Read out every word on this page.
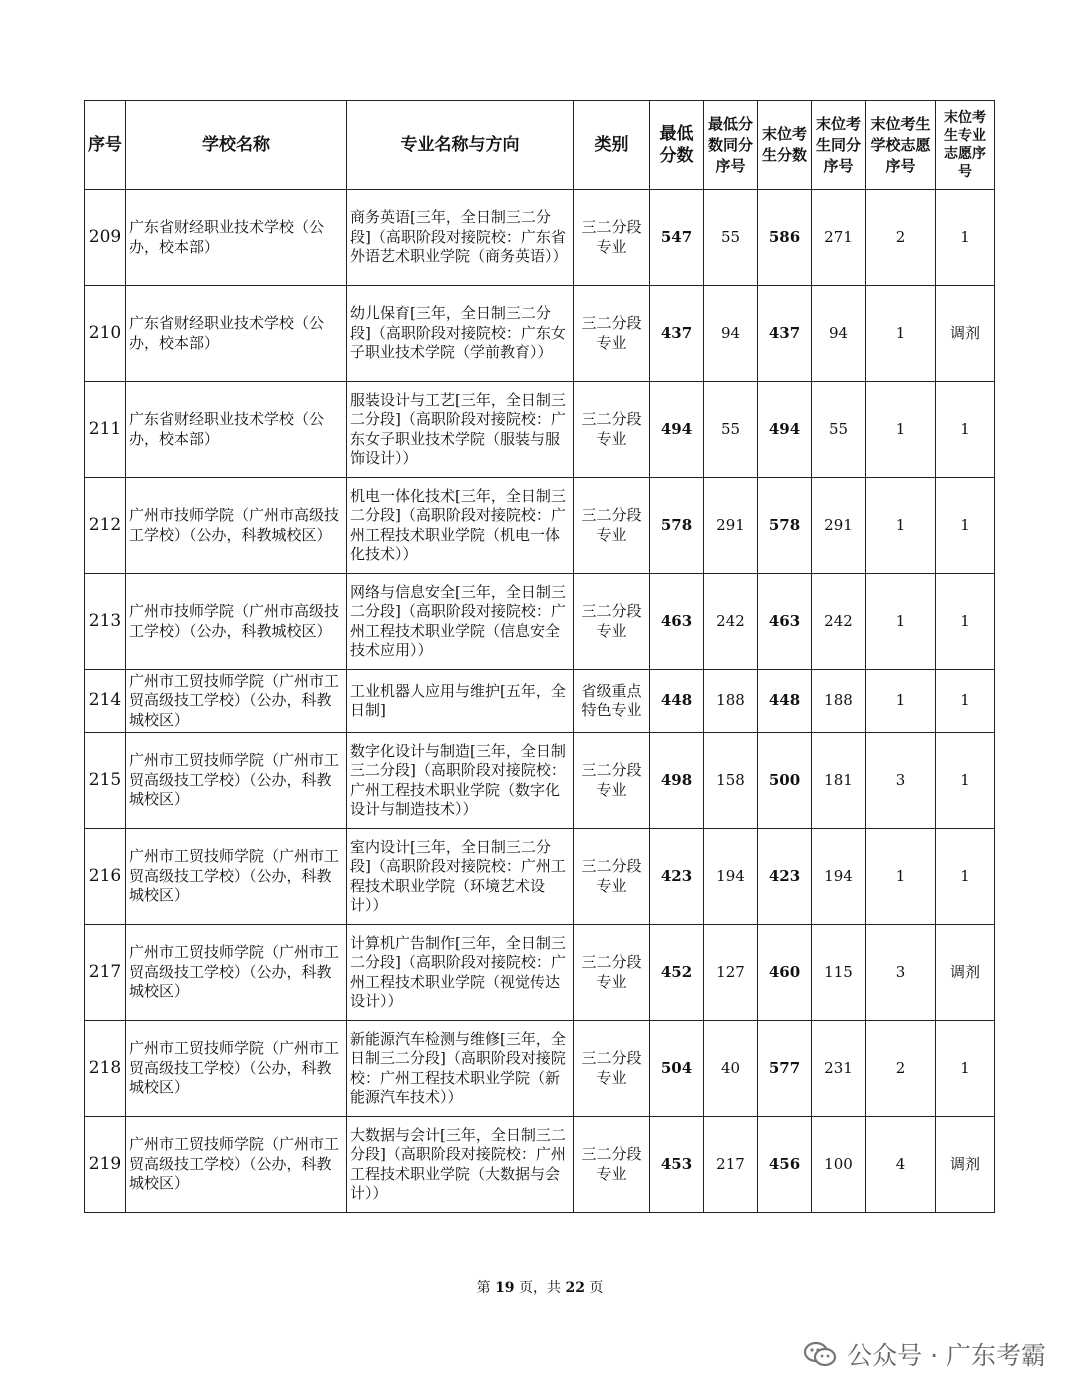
序号	学校名称	专业名称与方向	类别	最低分数	最低分数同分序号	末位考生分数	末位考生同分序号	末位考生学校志愿序号	末位考生专业志愿序号
209	广东省财经职业技术学校（公办，校本部）	商务英语[三年，全日制三二分段]（高职阶段对接院校：广东省外语艺术职业学院（商务英语））	三二分段专业	547	55	586	271	2	1
210	广东省财经职业技术学校（公办，校本部）	幼儿保育[三年，全日制三二分段]（高职阶段对接院校：广东女子职业技术学院（学前教育））	三二分段专业	437	94	437	94	1	调剂
211	广东省财经职业技术学校（公办，校本部）	服装设计与工艺[三年，全日制三二分段]（高职阶段对接院校：广东女子职业技术学院（服装与服饰设计））	三二分段专业	494	55	494	55	1	1
212	广州市技师学院（广州市高级技工学校）（公办，科教城校区）	机电一体化技术[三年，全日制三二分段]（高职阶段对接院校：广州工程技术职业学院（机电一体化技术））	三二分段专业	578	291	578	291	1	1
213	广州市技师学院（广州市高级技工学校）（公办，科教城校区）	网络与信息安全[三年，全日制三二分段]（高职阶段对接院校：广州工程技术职业学院（信息安全技术应用））	三二分段专业	463	242	463	242	1	1
214	广州市工贸技师学院（广州市工贸高级技工学校）（公办，科教城校区）	工业机器人应用与维护[五年，全日制]	省级重点特色专业	448	188	448	188	1	1
215	广州市工贸技师学院（广州市工贸高级技工学校）（公办，科教城校区）	数字化设计与制造[三年，全日制三二分段]（高职阶段对接院校：广州工程技术职业学院（数字化设计与制造技术））	三二分段专业	498	158	500	181	3	1
216	广州市工贸技师学院（广州市工贸高级技工学校）（公办，科教城校区）	室内设计[三年，全日制三二分段]（高职阶段对接院校：广州工程技术职业学院（环境艺术设计））	三二分段专业	423	194	423	194	1	1
217	广州市工贸技师学院（广州市工贸高级技工学校）（公办，科教城校区）	计算机广告制作[三年，全日制三二分段]（高职阶段对接院校：广州工程技术职业学院（视觉传达设计））	三二分段专业	452	127	460	115	3	调剂
218	广州市工贸技师学院（广州市工贸高级技工学校）（公办，科教城校区）	新能源汽车检测与维修[三年，全日制三二分段]（高职阶段对接院校：广州工程技术职业学院（新能源汽车技术））	三二分段专业	504	40	577	231	2	1
219	广州市工贸技师学院（广州市工贸高级技工学校）（公办，科教城校区）	大数据与会计[三年，全日制三二分段]（高职阶段对接院校：广州工程技术职业学院（大数据与会计））	三二分段专业	453	217	456	100	4	调剂
第 19 页，共 22 页
公众号 · 广东考霸
